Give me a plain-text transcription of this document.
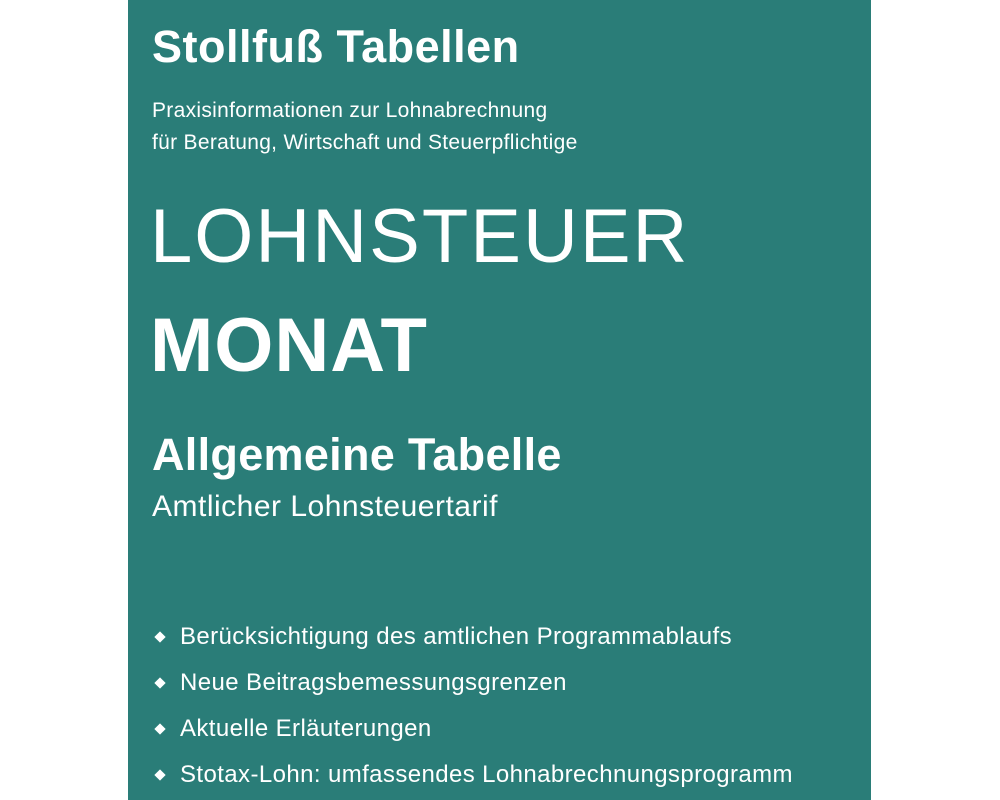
Stollfuß Tabellen

Praxisinformationen zur Lohnabrechnung

für Beratung, Wirtschaft und Steuerpflichtige

LOHNSTEUER
MONAT
Allgemeine Tabelle

Amtlicher Lohnsteuertarif

Berücksichtigung des amtlichen Programmablaufs
Neue Beitragsbemessungsgrenzen
Aktuelle Erläuterungen
Stotax-Lohn: umfassendes Lohnabrechnungsprogramm
